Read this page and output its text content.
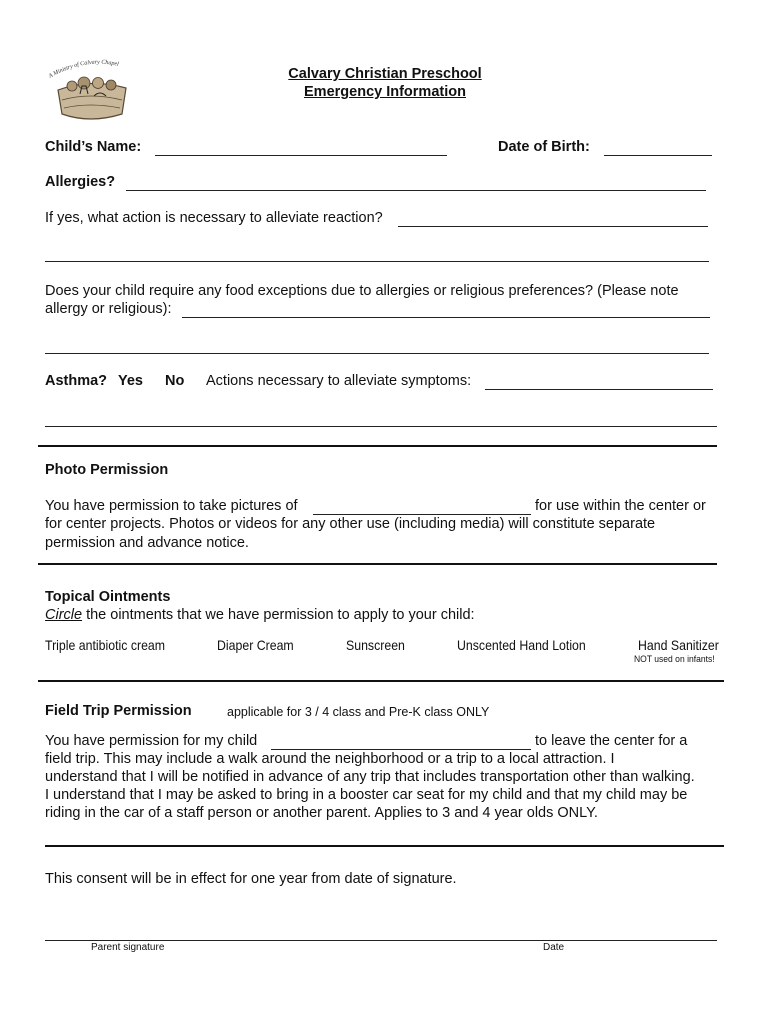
A Ministry of Calvary Chapel
Calvary Christian Preschool
Emergency Information
Child’s Name:	Date of Birth:
Allergies?
If yes, what action is necessary to alleviate reaction?
Does your child require any food exceptions due to allergies or religious preferences? (Please note
allergy or religious):
Asthma? Yes No Actions necessary to alleviate symptoms:
Photo Permission
You have permission to take pictures of	for use within the center or
for center projects. Photos or videos for any other use (including media) will constitute separate
permission and advance notice.
Topical Ointments
Circle the ointments that we have permission to apply to your child:
Triple antibiotic cream	Diaper Cream	Sunscreen	Unscented Hand Lotion	Hand Sanitizer
NOT used on infants!
Field Trip Permission	applicable for 3 / 4 class and Pre-K class ONLY
You have permission for my child	to leave the center for a
field trip. This may include a walk around the neighborhood or a trip to a local attraction. I
understand that I will be notified in advance of any trip that includes transportation other than walking.
I understand that I may be asked to bring in a booster car seat for my child and that my child may be
riding in the car of a staff person or another parent. Applies to 3 and 4 year olds ONLY.
This consent will be in effect for one year from date of signature.
Parent signature	Date
